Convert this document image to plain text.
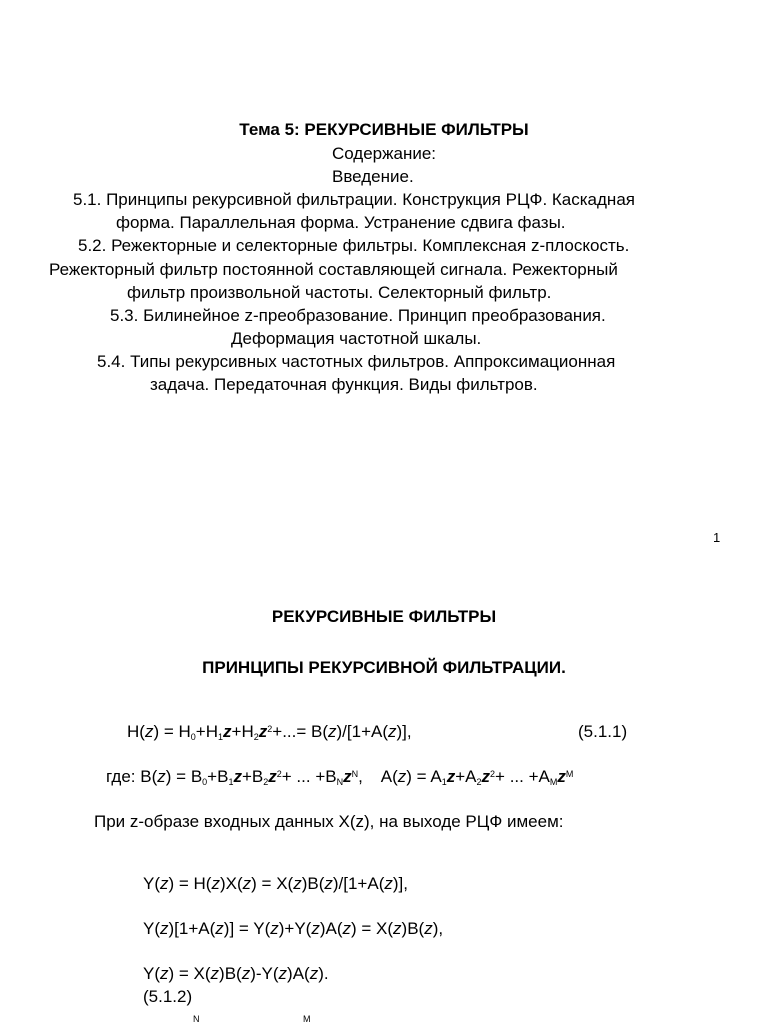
Тема 5: РЕКУРСИВНЫЕ ФИЛЬТРЫ
Содержание:
Введение.
5.1. Принципы рекурсивной фильтрации. Конструкция РЦФ. Каскадная
форма. Параллельная форма. Устранение сдвига фазы.
5.2. Режекторные и селекторные фильтры. Комплексная z-плоскость.
Режекторный фильтр постоянной составляющей сигнала. Режекторный
фильтр произвольной частоты. Селекторный фильтр.
5.3. Билинейное z-преобразование. Принцип преобразования.
Деформация частотной шкалы.
5.4. Типы рекурсивных частотных фильтров. Аппроксимационная
задача. Передаточная функция. Виды фильтров.
1
РЕКУРСИВНЫЕ ФИЛЬТРЫ
ПРИНЦИПЫ РЕКУРСИВНОЙ ФИЛЬТРАЦИИ.
$H(z) = H_0+H_1z+H_2z^2+...= B(z)/[1+A(z)]$,	(5.1.1)
где: $B(z) = B_0+B_1z+B_2z^2+$ ... $+B_Nz^N$,    $A(z) = A_1z+A_2z^2+$ ... $+A_Mz^M$
При z-образе входных данных X(z), на выходе РЦФ имеем:
Y(z) = H(z)X(z) = X(z)B(z)/[1+A(z)],
Y(z)[1+A(z)] = Y(z)+Y(z)A(z) = X(z)B(z),
Y(z) = X(z)B(z)-Y(z)A(z).
(5.1.2)
N	M
